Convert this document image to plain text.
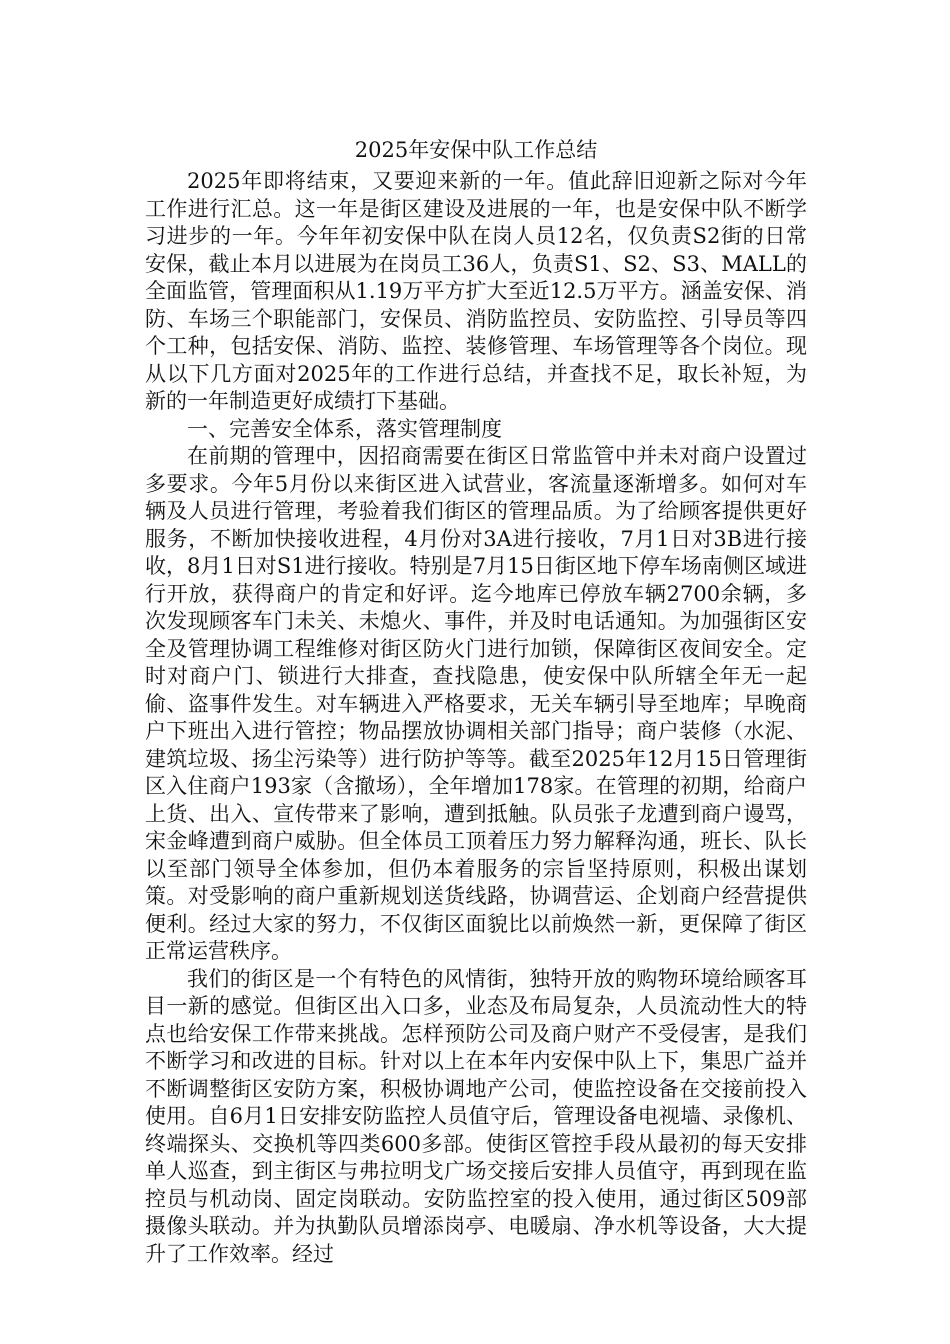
2025年安保中队工作总结

2025年即将结束，又要迎来新的一年。值此辞旧迎新之际对今年工作进行汇总。这一年是街区建设及进展的一年，也是安保中队不断学习进步的一年。今年年初安保中队在岗人员12名，仅负责S2街的日常安保，截止本月以进展为在岗员工36人，负责S1、S2、S3、MALL的全面监管，管理面积从1.19万平方扩大至近12.5万平方。涵盖安保、消防、车场三个职能部门，安保员、消防监控员、安防监控、引导员等四个工种，包括安保、消防、监控、装修管理、车场管理等各个岗位。现从以下几方面对2025年的工作进行总结，并查找不足，取长补短，为新的一年制造更好成绩打下基础。

一、完善安全体系，落实管理制度

在前期的管理中，因招商需要在街区日常监管中并未对商户设置过多要求。今年5月份以来街区进入试营业，客流量逐渐增多。如何对车辆及人员进行管理，考验着我们街区的管理品质。为了给顾客提供更好服务，不断加快接收进程，4月份对3A进行接收，7月1日对3B进行接收，8月1日对S1进行接收。特别是7月15日街区地下停车场南侧区域进行开放，获得商户的肯定和好评。迄今地库已停放车辆2700余辆，多次发现顾客车门未关、未熄火、事件，并及时电话通知。为加强街区安全及管理协调工程维修对街区防火门进行加锁，保障街区夜间安全。定时对商户门、锁进行大排查，查找隐患，使安保中队所辖全年无一起偷、盗事件发生。对车辆进入严格要求，无关车辆引导至地库；早晚商户下班出入进行管控；物品摆放协调相关部门指导；商户装修（水泥、建筑垃圾、扬尘污染等）进行防护等等。截至2025年12月15日管理街区入住商户193家（含撤场），全年增加178家。在管理的初期，给商户上货、出入、宣传带来了影响，遭到抵触。队员张子龙遭到商户谩骂，宋金峰遭到商户威胁。但全体员工顶着压力努力解释沟通，班长、队长以至部门领导全体参加，但仍本着服务的宗旨坚持原则，积极出谋划策。对受影响的商户重新规划送货线路，协调营运、企划商户经营提供便利。经过大家的努力，不仅街区面貌比以前焕然一新，更保障了街区正常运营秩序。

我们的街区是一个有特色的风情街，独特开放的购物环境给顾客耳目一新的感觉。但街区出入口多，业态及布局复杂，人员流动性大的特点也给安保工作带来挑战。怎样预防公司及商户财产不受侵害，是我们不断学习和改进的目标。针对以上在本年内安保中队上下，集思广益并不断调整街区安防方案，积极协调地产公司，使监控设备在交接前投入使用。自6月1日安排安防监控人员值守后，管理设备电视墙、录像机、终端探头、交换机等四类600多部。使街区管控手段从最初的每天安排单人巡查，到主街区与弗拉明戈广场交接后安排人员值守，再到现在监控员与机动岗、固定岗联动。安防监控室的投入使用，通过街区509部摄像头联动。并为执勤队员增添岗亭、电暖扇、净水机等设备，大大提升了工作效率。经过
